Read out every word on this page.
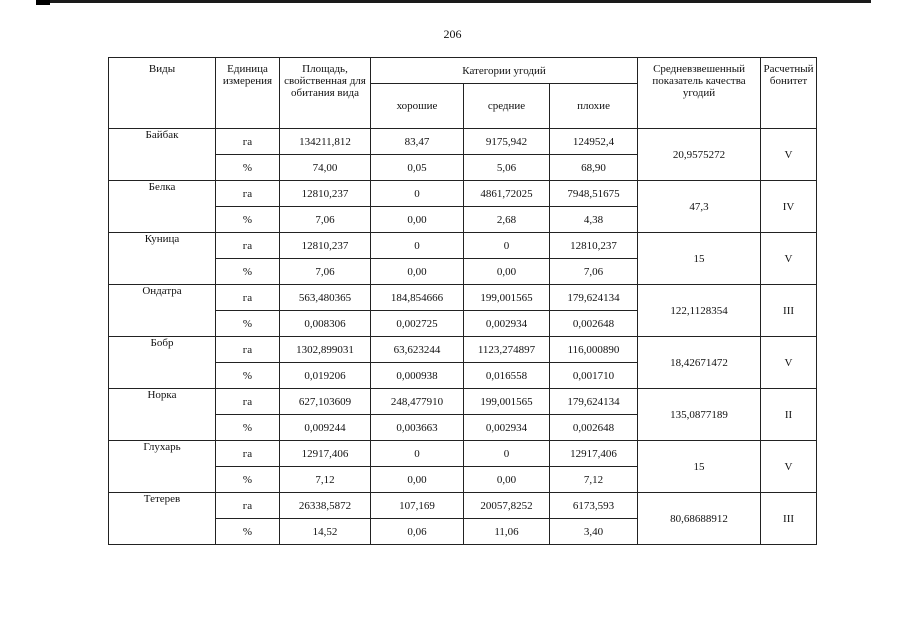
206
Виды	Единица измерения	Площадь, свойственная для обитания вида	Категории угодий			Средневзвешенный показатель качества угодий	Расчетный бонитет
			хорошие	средние	плохие		
Байбак	га	134211,812	83,47	9175,942	124952,4	20,9575272	V
	%	74,00	0,05	5,06	68,90		
Белка	га	12810,237	0	4861,72025	7948,51675	47,3	IV
	%	7,06	0,00	2,68	4,38		
Куница	га	12810,237	0	0	12810,237	15	V
	%	7,06	0,00	0,00	7,06		
Ондатра	га	563,480365	184,854666	199,001565	179,624134	122,1128354	III
	%	0,008306	0,002725	0,002934	0,002648		
Бобр	га	1302,899031	63,623244	1123,274897	116,000890	18,42671472	V
	%	0,019206	0,000938	0,016558	0,001710		
Норка	га	627,103609	248,477910	199,001565	179,624134	135,0877189	II
	%	0,009244	0,003663	0,002934	0,002648		
Глухарь	га	12917,406	0	0	12917,406	15	V
	%	7,12	0,00	0,00	7,12		
Тетерев	га	26338,5872	107,169	20057,8252	6173,593	80,68688912	III
	%	14,52	0,06	11,06	3,40		
